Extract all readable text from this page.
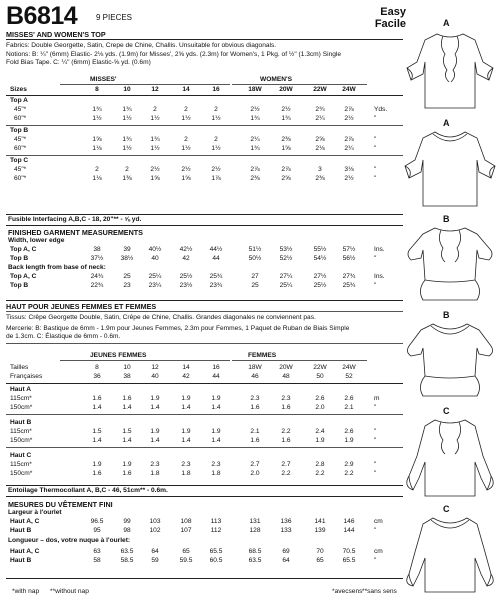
B6814 9 PIECES	Easy
Facile
MISSES' AND WOMEN'S TOP
Fabrics: Double Georgette, Satin, Crepe de Chine, Challis. Unsuitable for obvious diagonals.
Notions: B: ¼" (6mm) Elastic- 2⅛ yds. (1.9m) for Misses', 2⅝ yds. (2.3m) for Women's, 1 Pkg. of ½" (1.3cm) Single
Fold Bias Tape. C: ¼" (6mm) Elastic-⅝ yd. (0.6m)
MISSES'	WOMEN'S
Sizes	8	10	12	14	16	18W	20W	22W	24W
Top A
45"*	1¾	1¾	2	2	2	2½	2½	2¾	2⅞	Yds.
60"*	1½	1½	1½	1½	1½	1¾	1¾	2¼	2½	"
Top B
45"*	1⅝	1¾	1¾	2	2	2¼	2⅜	2⅝	2⅞	"
60"*	1⅛	1½	1½	1½	1½	1¾	1⅝	2⅛	2¼	"
Top C
45"*	2	2	2½	2½	2½	2⅞	2⅞	3	3⅛	"
60"*	1⅛	1⅜	1⅝	1⅝	1⅞	2⅜	2⅝	2⅜	2½	"
Fusible Interfacing A,B,C - 18, 20"** - ⅝ yd.
FINISHED GARMENT MEASUREMENTS
Width, lower edge
Top A, C	38	39	40½	42½	44½	51½	53½	55½	57½	Ins.
Top B	37½	38½	40	42	44	50½	52½	54½	56½	"
Back length from base of neck:
Top A, C	24¾	25	25¼	25½	25¾	27	27¼	27½	27¾	Ins.
Top B	22¾	23	23¼	23½	23¾	25	25¼	25½	25¾	"
HAUT POUR JEUNES FEMMES ET FEMMES
Tissus: Crêpe Georgette Double, Satin, Crêpe de Chine, Challis. Grandes diagonales ne conviennent pas.
Mercerie: B: Bastique de 6mm - 1.9m pour Jeunes Femmes, 2.3m pour Femmes, 1 Paquet de Ruban de Biais Simple
de 1.3cm. C: Élastique de 6mm - 0.6m.
JEUNES FEMMES	FEMMES
Tailles
Françaises
8	10	12	14	16	18W	20W	22W	24W
36	38	40	42	44	46	48	50	52
Haut A
115cm*	1.6	1.6	1.9	1.9	1.9	2.3	2.3	2.6	2.6	m
150cm*	1.4	1.4	1.4	1.4	1.4	1.6	1.6	2.0	2.1	"
Haut B
115cm*	1.5	1.5	1.9	1.9	1.9	2.1	2.2	2.4	2.6	"
150cm*	1.4	1.4	1.4	1.4	1.4	1.6	1.6	1.9	1.9	"
Haut C
115cm*	1.9	1.9	2.3	2.3	2.3	2.7	2.7	2.8	2.9	"
150cm*	1.6	1.6	1.8	1.8	1.8	2.0	2.2	2.2	2.2	"
Entoilage Thermocollant A, B,C - 46, 51cm** - 0.6m.
MESURES DU VÊTEMENT FINI
Largeur à l'ourlet
Haut A, C	96.5	99	103	108	113	131	136	141	146	cm
Haut B	95	98	102	107	112	128	133	139	144	"
Longueur – dos, votre nuque à l'ourlet:
Haut A, C	63	63.5	64	65	65.5	68.5	69	70	70.5	cm
Haut B	58	58.5	59	59.5	60.5	63.5	64	65	65.5	"
*with nap **without nap	*avecsens **sans sens
A
A
B
B
C
C
